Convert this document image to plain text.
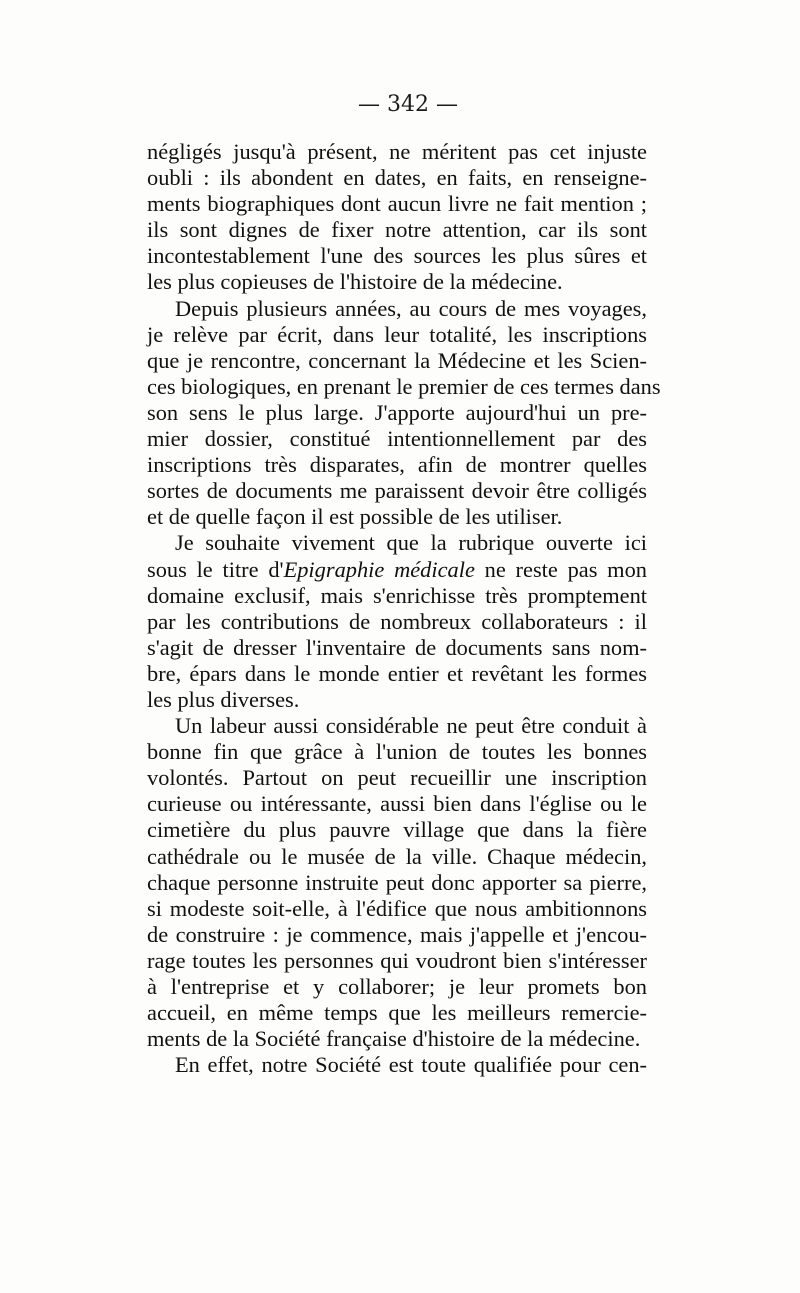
— 342 —
négligés jusqu'à présent, ne méritent pas cet injuste
oubli : ils abondent en dates, en faits, en renseigne-
ments biographiques dont aucun livre ne fait mention ;
ils sont dignes de fixer notre attention, car ils sont
incontestablement l'une des sources les plus sûres et
les plus copieuses de l'histoire de la médecine.
Depuis plusieurs années, au cours de mes voyages,
je relève par écrit, dans leur totalité, les inscriptions
que je rencontre, concernant la Médecine et les Scien-
ces biologiques, en prenant le premier de ces termes dans
son sens le plus large. J'apporte aujourd'hui un pre-
mier dossier, constitué intentionnellement par des
inscriptions très disparates, afin de montrer quelles
sortes de documents me paraissent devoir être colligés
et de quelle façon il est possible de les utiliser.
Je souhaite vivement que la rubrique ouverte ici
sous le titre d'Epigraphie médicale ne reste pas mon
domaine exclusif, mais s'enrichisse très promptement
par les contributions de nombreux collaborateurs : il
s'agit de dresser l'inventaire de documents sans nom-
bre, épars dans le monde entier et revêtant les formes
les plus diverses.
Un labeur aussi considérable ne peut être conduit à
bonne fin que grâce à l'union de toutes les bonnes
volontés. Partout on peut recueillir une inscription
curieuse ou intéressante, aussi bien dans l'église ou le
cimetière du plus pauvre village que dans la fière
cathédrale ou le musée de la ville. Chaque médecin,
chaque personne instruite peut donc apporter sa pierre,
si modeste soit-elle, à l'édifice que nous ambitionnons
de construire : je commence, mais j'appelle et j'encou-
rage toutes les personnes qui voudront bien s'intéresser
à l'entreprise et y collaborer; je leur promets bon
accueil, en même temps que les meilleurs remercie-
ments de la Société française d'histoire de la médecine.
En effet, notre Société est toute qualifiée pour cen-
